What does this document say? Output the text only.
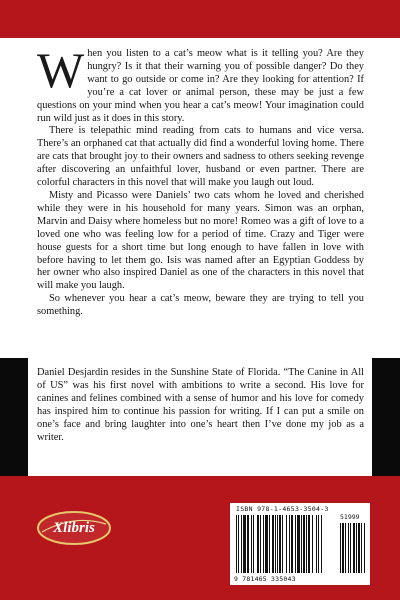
When you listen to a cat’s meow what is it telling you? Are they hungry? Is it that their warning you of possible danger? Do they want to go outside or come in? Are they looking for attention? If you’re a cat lover or animal person, these may be just a few questions on your mind when you hear a cat’s meow! Your imagination could run wild just as it does in this story.

There is telepathic mind reading from cats to humans and vice versa. There’s an orphaned cat that actually did find a wonderful loving home. There are cats that brought joy to their owners and sadness to others seeking revenge after discovering an unfaithful lover, husband or even partner. There are colorful characters in this novel that will make you laugh out loud.

Misty and Picasso were Daniels’ two cats whom he loved and cherished while they were in his household for many years. Simon was an orphan, Marvin and Daisy where homeless but no more! Romeo was a gift of love to a loved one who was feeling low for a period of time. Crazy and Tiger were house guests for a short time but long enough to have fallen in love with before having to let them go. Isis was named after an Egyptian Goddess by her owner who also inspired Daniel as one of the characters in this novel that will make you laugh.

So whenever you hear a cat’s meow, beware they are trying to tell you something.

Daniel Desjardin resides in the Sunshine State of Florida. “The Canine in All of US” was his first novel with ambitions to write a second. His love for canines and felines combined with a sense of humor and his love for comedy has inspired him to continue his passion for writing. If I can put a smile on one’s face and bring laughter into one’s heart then I’ve done my job as a writer.

Xlibris
ISBN 978-1-4653-3504-3
51999
9 781465 335043
